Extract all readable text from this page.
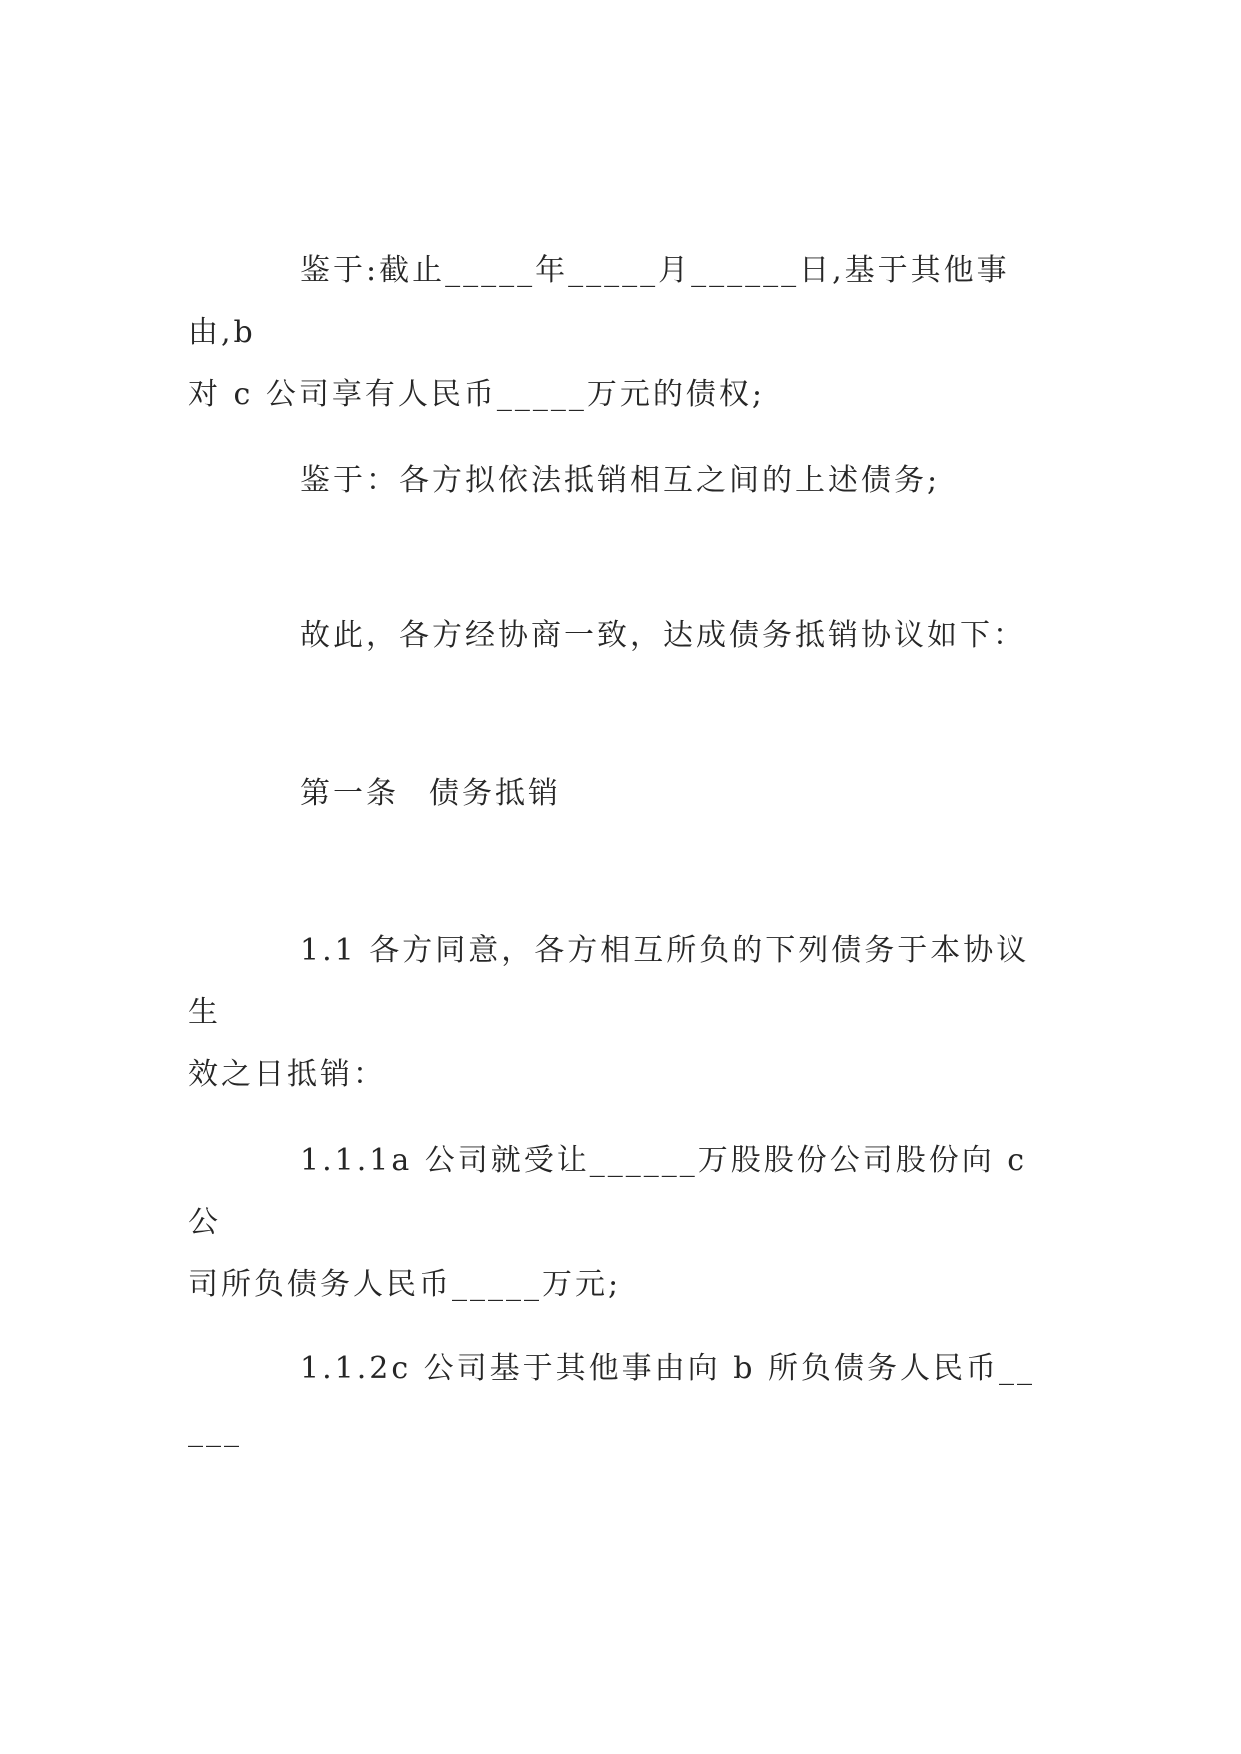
鉴于:截止_____年_____月______日,基于其他事由,b
对 c 公司享有人民币_____万元的债权;

鉴于：各方拟依法抵销相互之间的上述债务;

故此，各方经协商一致，达成债务抵销协议如下：

第一条 债务抵销

1.1 各方同意，各方相互所负的下列债务于本协议生
效之日抵销：

1.1.1a 公司就受让______万股股份公司股份向 c 公
司所负债务人民币_____万元;

1.1.2c 公司基于其他事由向 b 所负债务人民币_____
